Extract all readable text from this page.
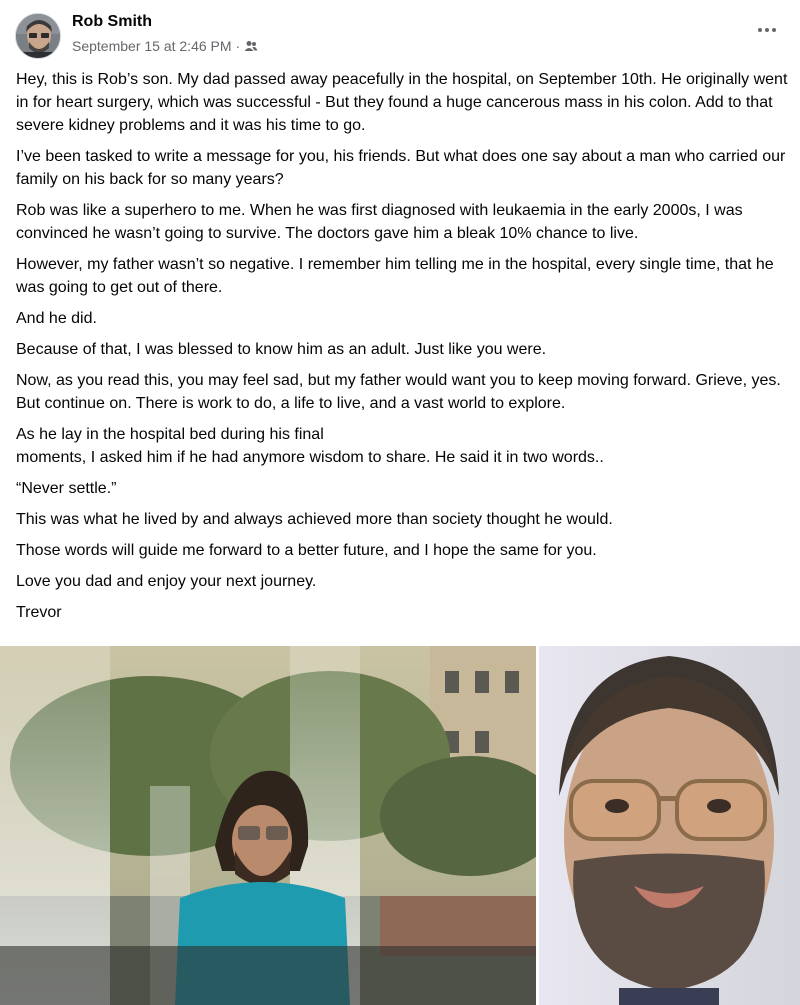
Rob Smith
September 15 at 2:46 PM ·

Hey, this is Rob’s son. My dad passed away peacefully in the hospital, on September 10th. He originally went in for heart surgery, which was successful - But they found a huge cancerous mass in his colon. Add to that severe kidney problems and it was his time to go.

I’ve been tasked to write a message for you, his friends. But what does one say about a man who carried our family on his back for so many years?

Rob was like a superhero to me. When he was first diagnosed with leukaemia in the early 2000s, I was convinced he wasn’t going to survive. The doctors gave him a bleak 10% chance to live.

However, my father wasn’t so negative. I remember him telling me in the hospital, every single time, that he was going to get out of there.

And he did.

Because of that, I was blessed to know him as an adult. Just like you were.

Now, as you read this, you may feel sad, but my father would want you to keep moving forward. Grieve, yes. But continue on. There is work to do, a life to live, and a vast world to explore.

As he lay in the hospital bed during his final

moments, I asked him if he had anymore wisdom to share. He said it in two words..

“Never settle.”

This was what he lived by and always achieved more than society thought he would.

Those words will guide me forward to a better future, and I hope the same for you.

Love you dad and enjoy your next journey.

Trevor
